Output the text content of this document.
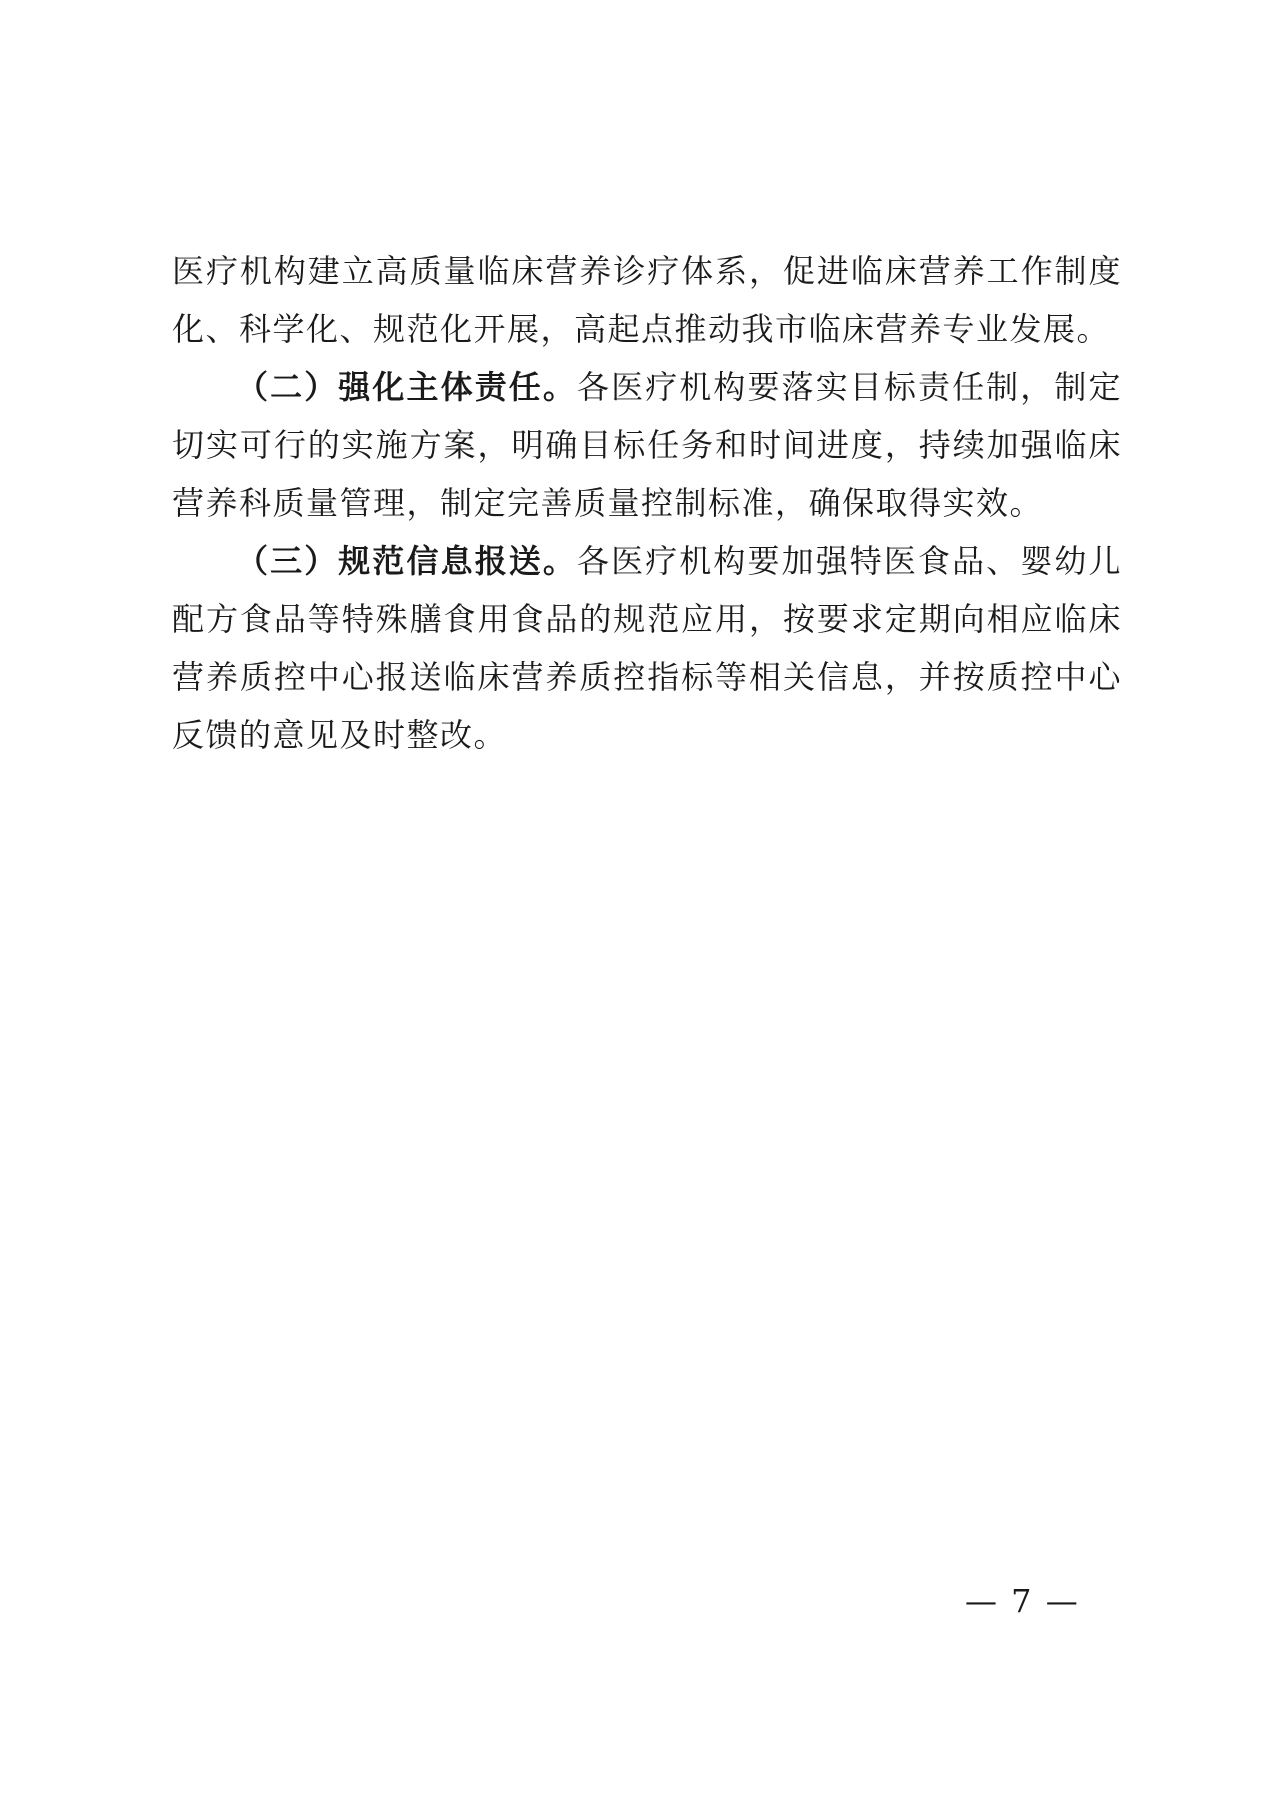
医疗机构建立高质量临床营养诊疗体系，促进临床营养工作制度化、科学化、规范化开展，高起点推动我市临床营养专业发展。

（二）强化主体责任。各医疗机构要落实目标责任制，制定切实可行的实施方案，明确目标任务和时间进度，持续加强临床营养科质量管理，制定完善质量控制标准，确保取得实效。

（三）规范信息报送。各医疗机构要加强特医食品、婴幼儿配方食品等特殊膳食用食品的规范应用，按要求定期向相应临床营养质控中心报送临床营养质控指标等相关信息，并按质控中心反馈的意见及时整改。

— 7 —
